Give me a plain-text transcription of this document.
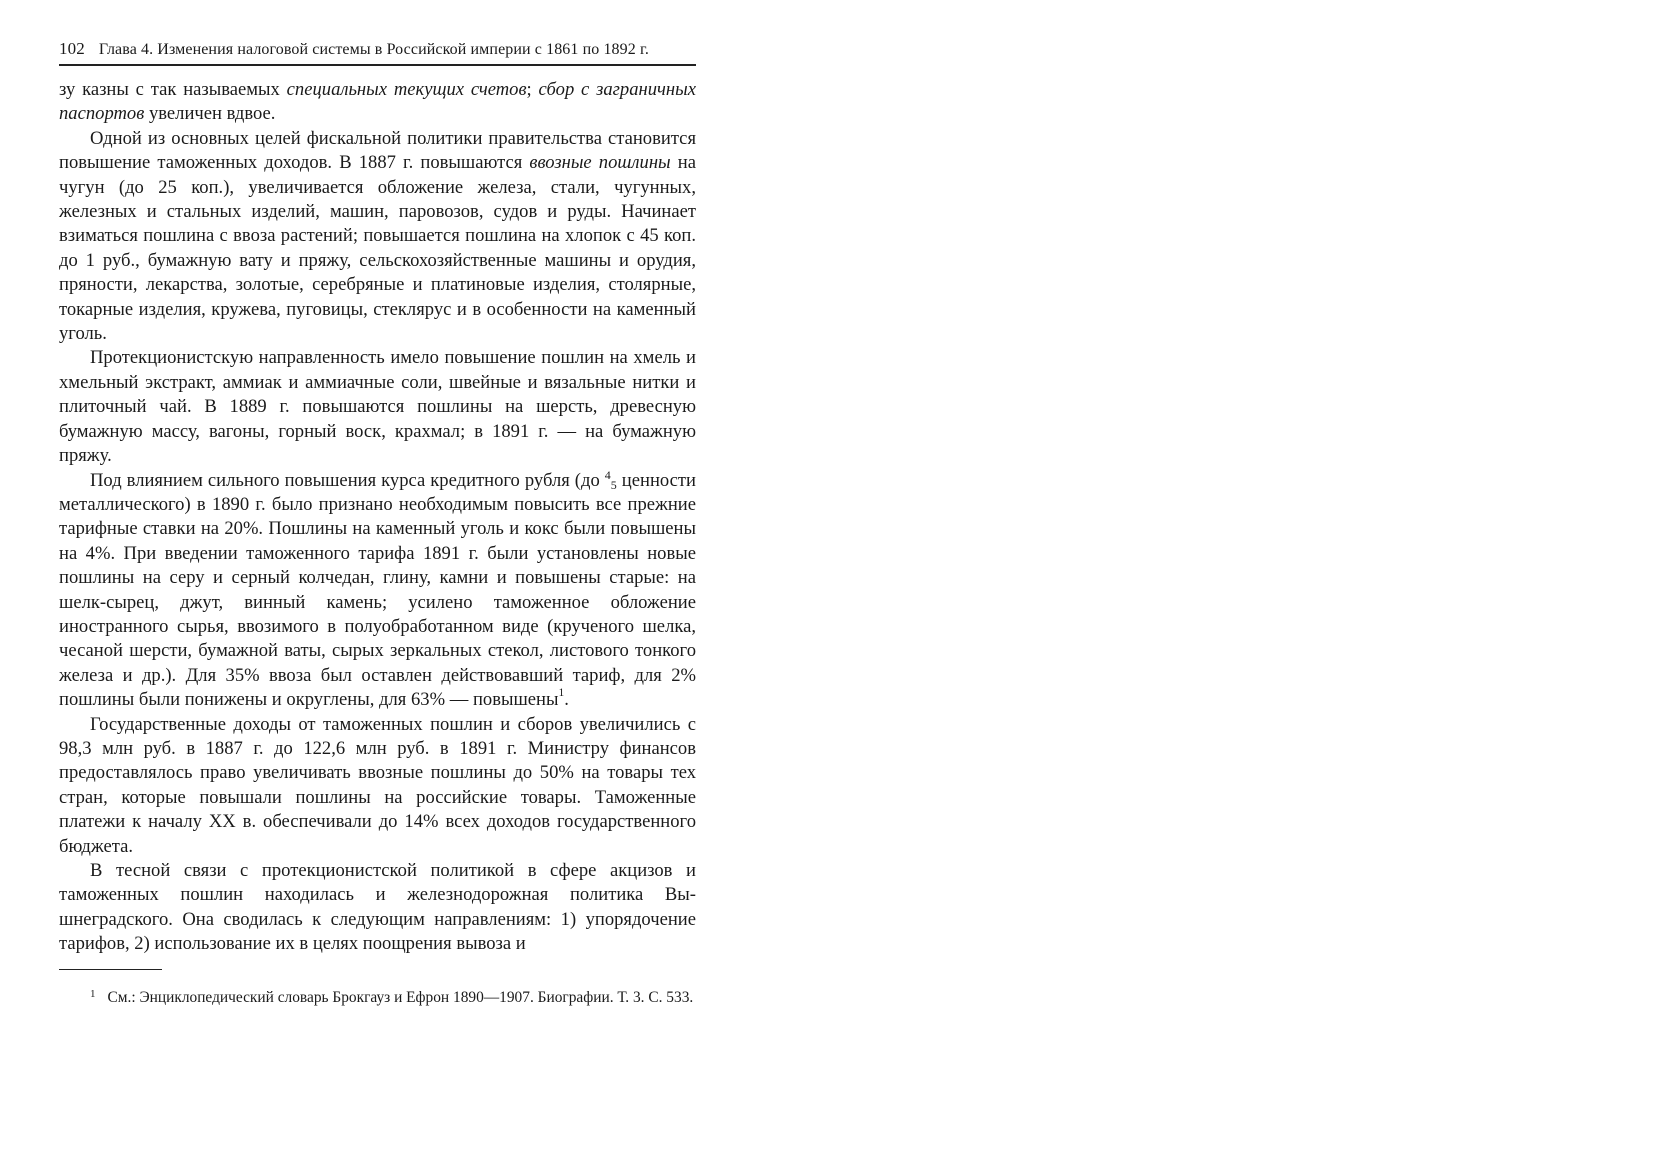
102 Глава 4. Изменения налоговой системы в Российской империи с 1861 по 1892 г.

зу казны с так называемых специальных текущих счетов; сбор с заграничных паспортов увеличен вдвое.

Одной из основных целей фискальной политики правительства становится повышение таможенных доходов. В 1887 г. повышаются ввозные пошлины на чугун (до 25 коп.), увеличивается обложение железа, стали, чугунных, железных и стальных изделий, машин, паровозов, судов и руды. Начинает взиматься пошлина с ввоза растений; повышается пошлина на хлопок с 45 коп. до 1 руб., бумажную вату и пряжу, сельскохозяйственные машины и орудия, пряности, лекарства, золотые, серебряные и платиновые изделия, столярные, токарные изделия, кружева, пуговицы, стеклярус и в особенности на каменный уголь.

Протекционистскую направленность имело повышение пошлин на хмель и хмельный экстракт, аммиак и аммиачные соли, швейные и вязальные нитки и плиточный чай. В 1889 г. повышаются пошлины на шерсть, древесную бумажную массу, вагоны, горный воск, крахмал; в 1891 г. — на бумажную пряжу.

Под влиянием сильного повышения курса кредитного рубля (до $^4$5 ценности металлического) в 1890 г. было признано необходимым повысить все прежние тарифные ставки на 20%. Пошлины на каменный уголь и кокс были повышены на 4%. При введении таможенного тарифа 1891 г. были установлены новые пошлины на серу и серный колчедан, глину, камни и повышены старые: на шелк-сырец, джут, винный камень; усилено таможенное обложение иностранного сырья, ввозимого в полуобработанном виде (крученого шелка, чесаной шерсти, бумажной ваты, сырых зеркальных стекол, листового тонкого железа и др.). Для 35% ввоза был оставлен действовавший тариф, для 2% пошлины были понижены и округлены, для 63% — повышены$^1$.

Государственные доходы от таможенных пошлин и сборов увеличились с 98,3 млн руб. в 1887 г. до 122,6 млн руб. в 1891 г. Министру финансов предоставлялось право увеличивать ввозные пошлины до 50% на товары тех стран, которые повышали пошлины на российские товары. Таможенные платежи к началу XX в. обеспечивали до 14% всех доходов государственного бюджета.

В тесной связи с протекционистской политикой в сфере акцизов и таможенных пошлин находилась и железнодорожная политика Вышнеградского. Она сводилась к следующим направлениям: 1) упорядочение тарифов, 2) использование их в целях поощрения вывоза и

$^1$ См.: Энциклопедический словарь Брокгауз и Ефрон 1890—1907. Биографии. Т. 3. С. 533.
